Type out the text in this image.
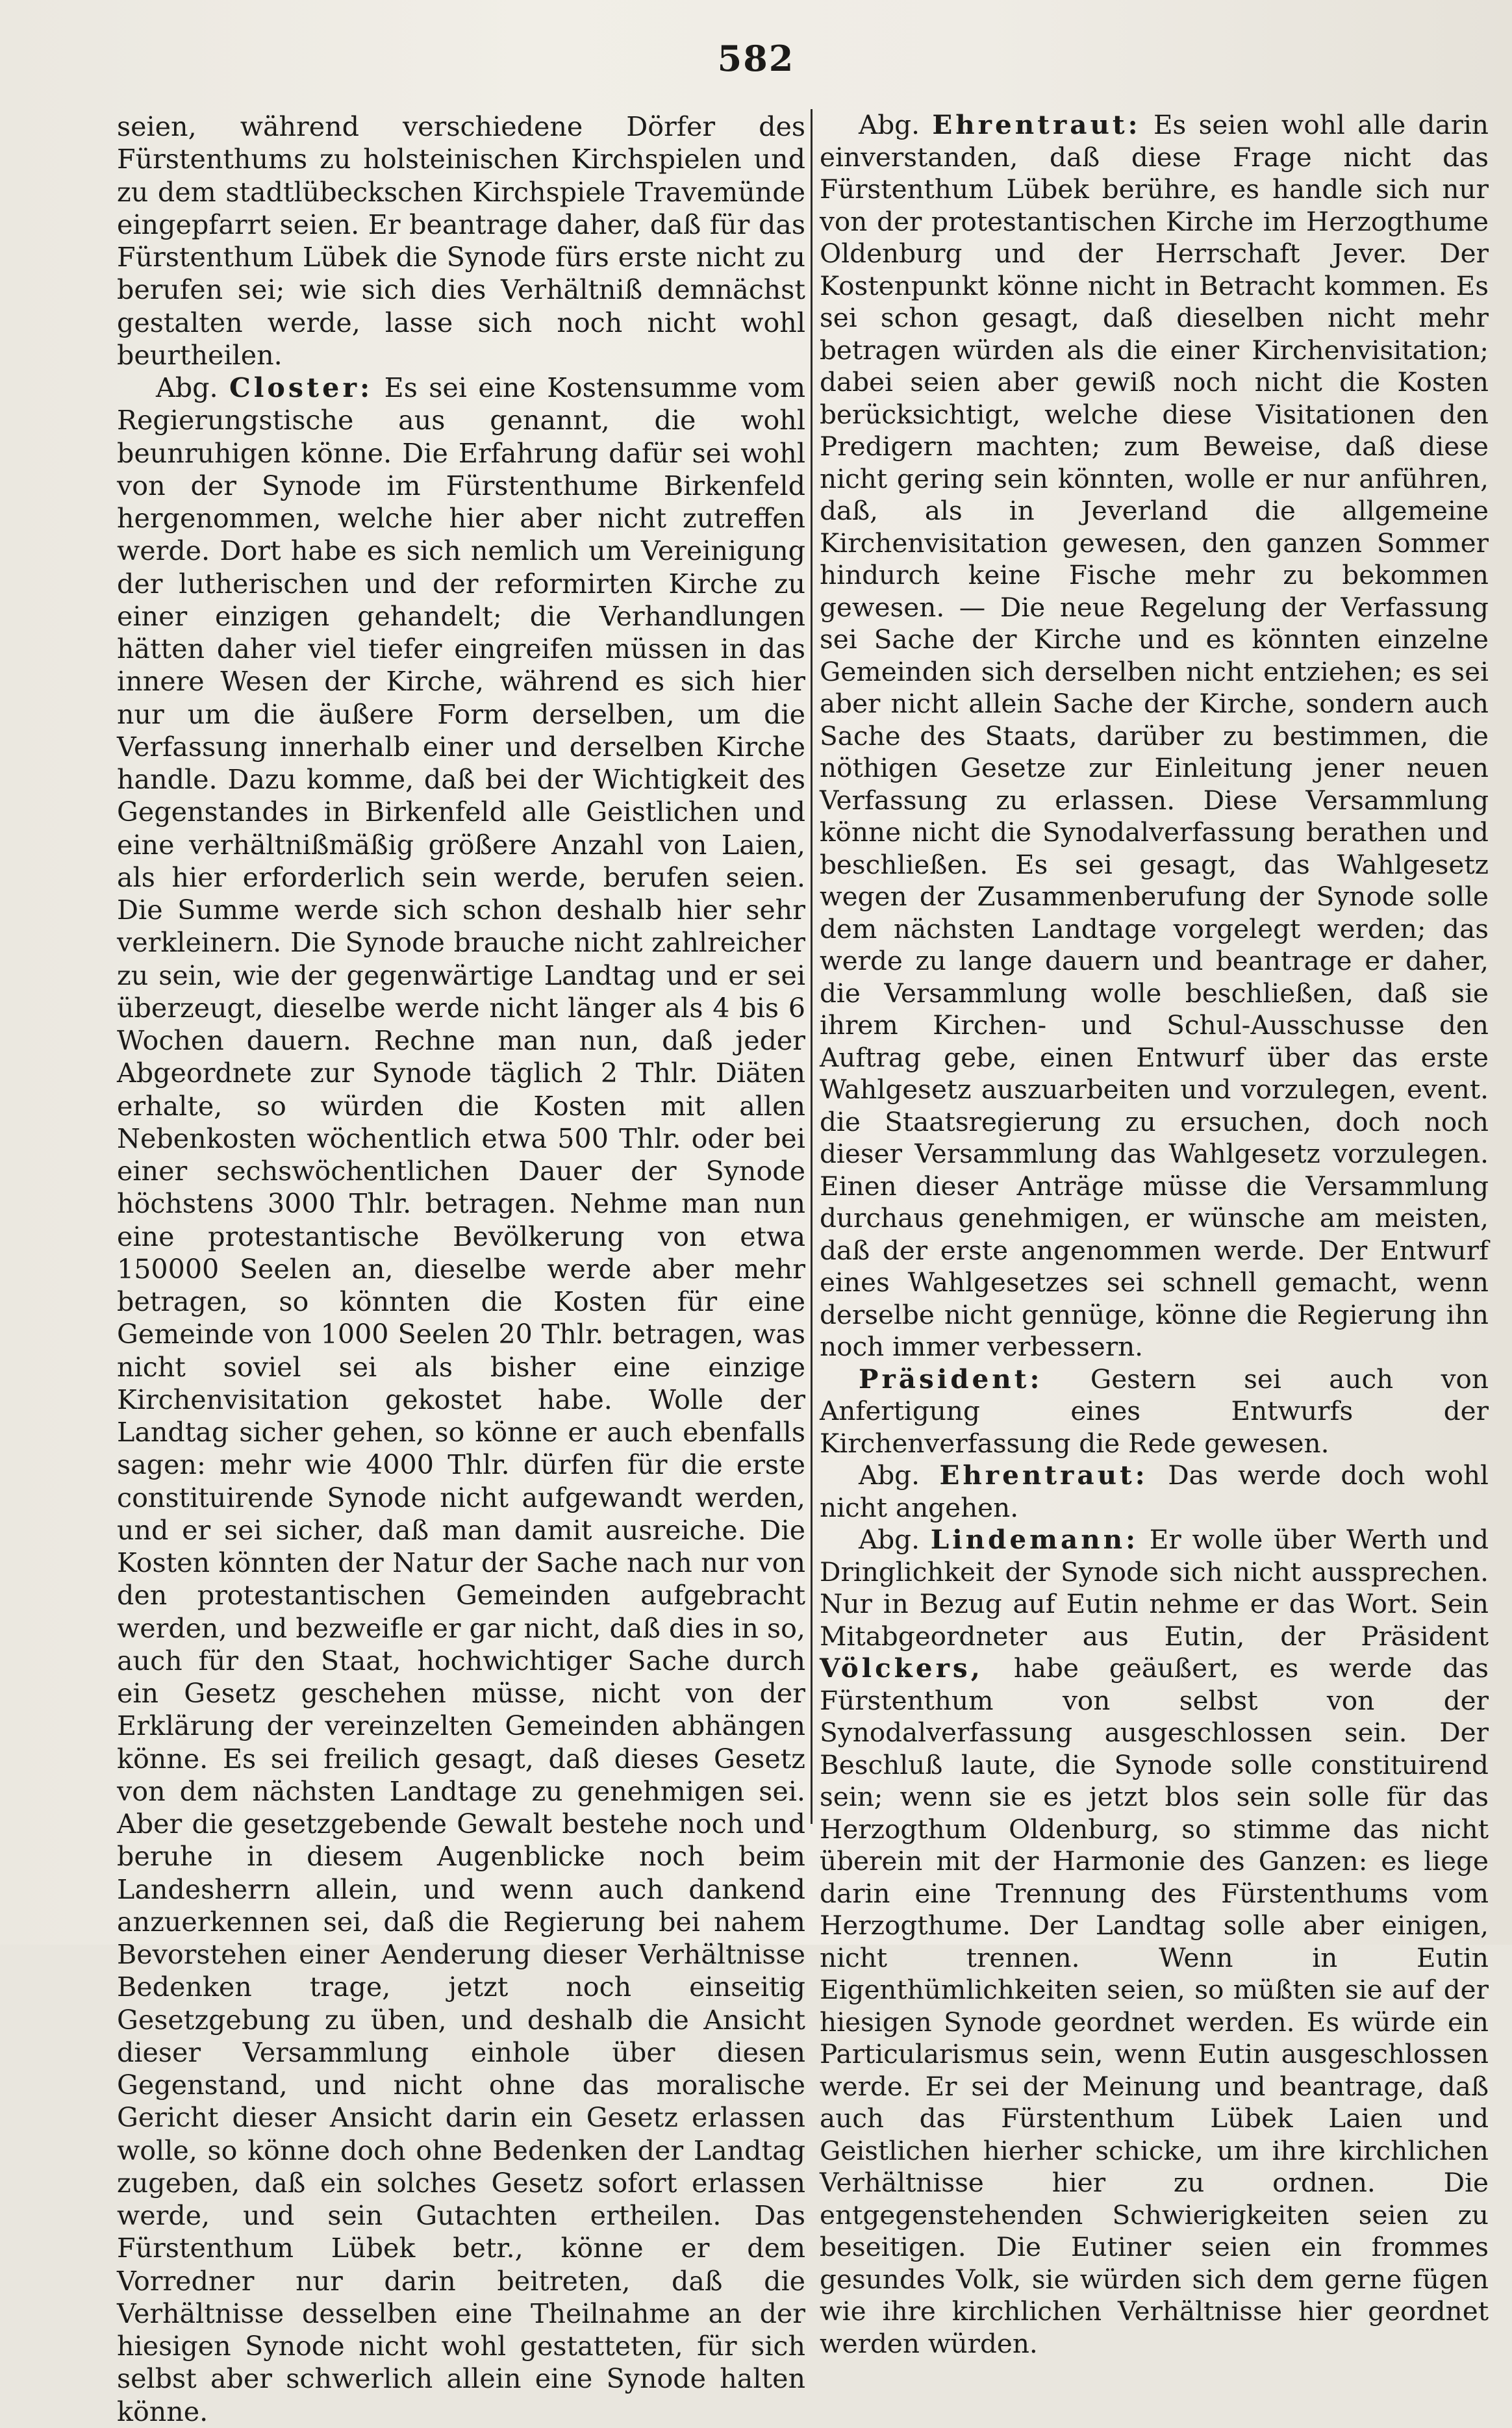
582

seien, während verschiedene Dörfer des Fürstenthums zu holsteinischen Kirchspielen und zu dem stadtlübeckschen Kirchspiele Travemünde eingepfarrt seien. Er beantrage daher, daß für das Fürstenthum Lübek die Synode fürs erste nicht zu berufen sei; wie sich dies Verhältniß demnächst gestalten werde, lasse sich noch nicht wohl beurtheilen.

Abg. Closter: Es sei eine Kostensumme vom Regierungstische aus genannt, die wohl beunruhigen könne. Die Erfahrung dafür sei wohl von der Synode im Fürstenthume Birkenfeld hergenommen, welche hier aber nicht zutreffen werde. Dort habe es sich nemlich um Vereinigung der lutherischen und der reformirten Kirche zu einer einzigen gehandelt; die Verhandlungen hätten daher viel tiefer eingreifen müssen in das innere Wesen der Kirche, während es sich hier nur um die äußere Form derselben, um die Verfassung innerhalb einer und derselben Kirche handle. Dazu komme, daß bei der Wichtigkeit des Gegenstandes in Birkenfeld alle Geistlichen und eine verhältnißmäßig größere Anzahl von Laien, als hier erforderlich sein werde, berufen seien. Die Summe werde sich schon deshalb hier sehr verkleinern. Die Synode brauche nicht zahlreicher zu sein, wie der gegenwärtige Landtag und er sei überzeugt, dieselbe werde nicht länger als 4 bis 6 Wochen dauern. Rechne man nun, daß jeder Abgeordnete zur Synode täglich 2 Thlr. Diäten erhalte, so würden die Kosten mit allen Nebenkosten wöchentlich etwa 500 Thlr. oder bei einer sechswöchentlichen Dauer der Synode höchstens 3000 Thlr. betragen. Nehme man nun eine protestantische Bevölkerung von etwa 150000 Seelen an, dieselbe werde aber mehr betragen, so könnten die Kosten für eine Gemeinde von 1000 Seelen 20 Thlr. betragen, was nicht soviel sei als bisher eine einzige Kirchenvisitation gekostet habe. Wolle der Landtag sicher gehen, so könne er auch ebenfalls sagen: mehr wie 4000 Thlr. dürfen für die erste constituirende Synode nicht aufgewandt werden, und er sei sicher, daß man damit ausreiche. Die Kosten könnten der Natur der Sache nach nur von den protestantischen Gemeinden aufgebracht werden, und bezweifle er gar nicht, daß dies in so, auch für den Staat, hochwichtiger Sache durch ein Gesetz geschehen müsse, nicht von der Erklärung der vereinzelten Gemeinden abhängen könne. Es sei freilich gesagt, daß dieses Gesetz von dem nächsten Landtage zu genehmigen sei. Aber die gesetzgebende Gewalt bestehe noch und beruhe in diesem Augenblicke noch beim Landesherrn allein, und wenn auch dankend anzuerkennen sei, daß die Regierung bei nahem Bevorstehen einer Aenderung dieser Verhältnisse Bedenken trage, jetzt noch einseitig Gesetzgebung zu üben, und deshalb die Ansicht dieser Versammlung einhole über diesen Gegenstand, und nicht ohne das moralische Gericht dieser Ansicht darin ein Gesetz erlassen wolle, so könne doch ohne Bedenken der Landtag zugeben, daß ein solches Gesetz sofort erlassen werde, und sein Gutachten ertheilen. Das Fürstenthum Lübek betr., könne er dem Vorredner nur darin beitreten, daß die Verhältnisse desselben eine Theilnahme an der hiesigen Synode nicht wohl gestatteten, für sich selbst aber schwerlich allein eine Synode halten könne.

Abg. Ehrentraut: Es seien wohl alle darin einverstanden, daß diese Frage nicht das Fürstenthum Lübek berühre, es handle sich nur von der protestantischen Kirche im Herzogthume Oldenburg und der Herrschaft Jever. Der Kostenpunkt könne nicht in Betracht kommen. Es sei schon gesagt, daß dieselben nicht mehr betragen würden als die einer Kirchenvisitation; dabei seien aber gewiß noch nicht die Kosten berücksichtigt, welche diese Visitationen den Predigern machten; zum Beweise, daß diese nicht gering sein könnten, wolle er nur anführen, daß, als in Jeverland die allgemeine Kirchenvisitation gewesen, den ganzen Sommer hindurch keine Fische mehr zu bekommen gewesen. — Die neue Regelung der Verfassung sei Sache der Kirche und es könnten einzelne Gemeinden sich derselben nicht entziehen; es sei aber nicht allein Sache der Kirche, sondern auch Sache des Staats, darüber zu bestimmen, die nöthigen Gesetze zur Einleitung jener neuen Verfassung zu erlassen. Diese Versammlung könne nicht die Synodalverfassung berathen und beschließen. Es sei gesagt, das Wahlgesetz wegen der Zusammenberufung der Synode solle dem nächsten Landtage vorgelegt werden; das werde zu lange dauern und beantrage er daher, die Versammlung wolle beschließen, daß sie ihrem Kirchen- und Schul-Ausschusse den Auftrag gebe, einen Entwurf über das erste Wahlgesetz auszuarbeiten und vorzulegen, event. die Staatsregierung zu ersuchen, doch noch dieser Versammlung das Wahlgesetz vorzulegen. Einen dieser Anträge müsse die Versammlung durchaus genehmigen, er wünsche am meisten, daß der erste angenommen werde. Der Entwurf eines Wahlgesetzes sei schnell gemacht, wenn derselbe nicht gennüge, könne die Regierung ihn noch immer verbessern.

Präsident: Gestern sei auch von Anfertigung eines Entwurfs der Kirchenverfassung die Rede gewesen.

Abg. Ehrentraut: Das werde doch wohl nicht angehen.

Abg. Lindemann: Er wolle über Werth und Dringlichkeit der Synode sich nicht aussprechen. Nur in Bezug auf Eutin nehme er das Wort. Sein Mitabgeordneter aus Eutin, der Präsident Völckers, habe geäußert, es werde das Fürstenthum von selbst von der Synodalverfassung ausgeschlossen sein. Der Beschluß laute, die Synode solle constituirend sein; wenn sie es jetzt blos sein solle für das Herzogthum Oldenburg, so stimme das nicht überein mit der Harmonie des Ganzen: es liege darin eine Trennung des Fürstenthums vom Herzogthume. Der Landtag solle aber einigen, nicht trennen. Wenn in Eutin Eigenthümlichkeiten seien, so müßten sie auf der hiesigen Synode geordnet werden. Es würde ein Particularismus sein, wenn Eutin ausgeschlossen werde. Er sei der Meinung und beantrage, daß auch das Fürstenthum Lübek Laien und Geistlichen hierher schicke, um ihre kirchlichen Verhältnisse hier zu ordnen. Die entgegenstehenden Schwierigkeiten seien zu beseitigen. Die Eutiner seien ein frommes gesundes Volk, sie würden sich dem gerne fügen wie ihre kirchlichen Verhältnisse hier geordnet werden würden.
